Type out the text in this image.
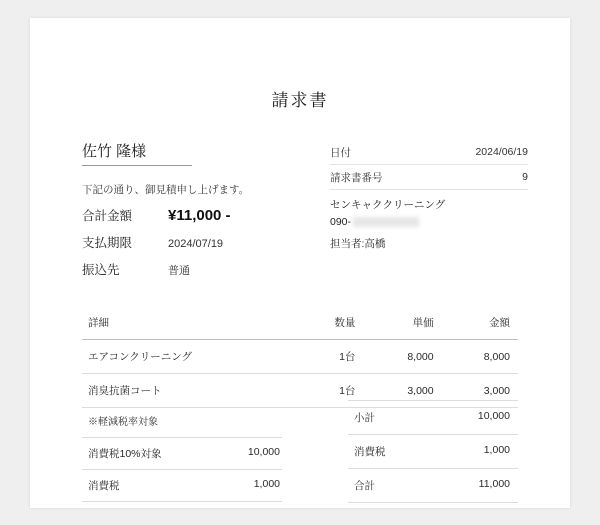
請求書
佐竹 隆様
下記の通り、御見積申し上げます。
合計金額	¥11,000 -
支払期限	2024/07/19
振込先	普通
日付	2024/06/19
請求書番号	9
センキャククリーニング
090-
担当者:高橋
詳細	数量	単価	金額
エアコンクリーニング	1台	8,000	8,000
消臭抗菌コート	1台	3,000	3,000
※軽減税率対象
消費税10%対象	10,000
消費税	1,000
小計	10,000
消費税	1,000
合計	11,000
